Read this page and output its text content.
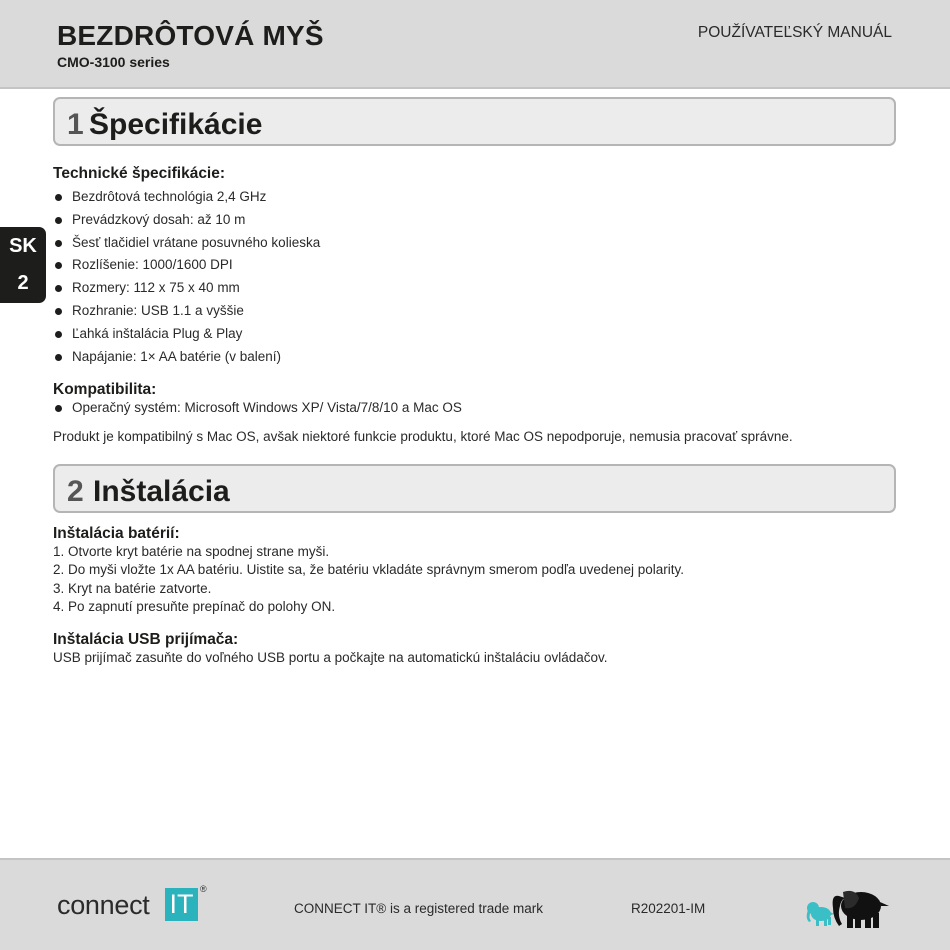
BEZDRÔTOVÁ MYŠ
CMO-3100 series
POUŽÍVATEĽSKÝ MANUÁL
SK
2
1 Špecifikácie
Technické špecifikácie:
Bezdrôtová technológia 2,4 GHz
Prevádzkový dosah: až 10 m
Šesť tlačidiel vrátane posuvného kolieska
Rozlíšenie: 1000/1600 DPI
Rozmery: 112 x 75 x 40 mm
Rozhranie: USB 1.1 a vyššie
Ľahká inštalácia Plug & Play
Napájanie: 1× AA batérie (v balení)
Kompatibilita:
Operačný systém: Microsoft Windows XP/ Vista/7/8/10 a Mac OS
Produkt je kompatibilný s Mac OS, avšak niektoré funkcie produktu, ktoré Mac OS nepodporuje, nemusia pracovať správne.
2 Inštalácia
Inštalácia batérií:
1. Otvorte kryt batérie na spodnej strane myši.
2. Do myši vložte 1x AA batériu. Uistite sa, že batériu vkladáte správnym smerom podľa uvedenej polarity.
3. Kryt na batérie zatvorte.
4. Po zapnutí presuňte prepínač do polohy ON.
Inštalácia USB prijímača:
USB prijímač zasuňte do voľného USB portu a počkajte na automatickú inštaláciu ovládačov.
connect IT ®
CONNECT IT® is a registered trade mark	R202201-IM
